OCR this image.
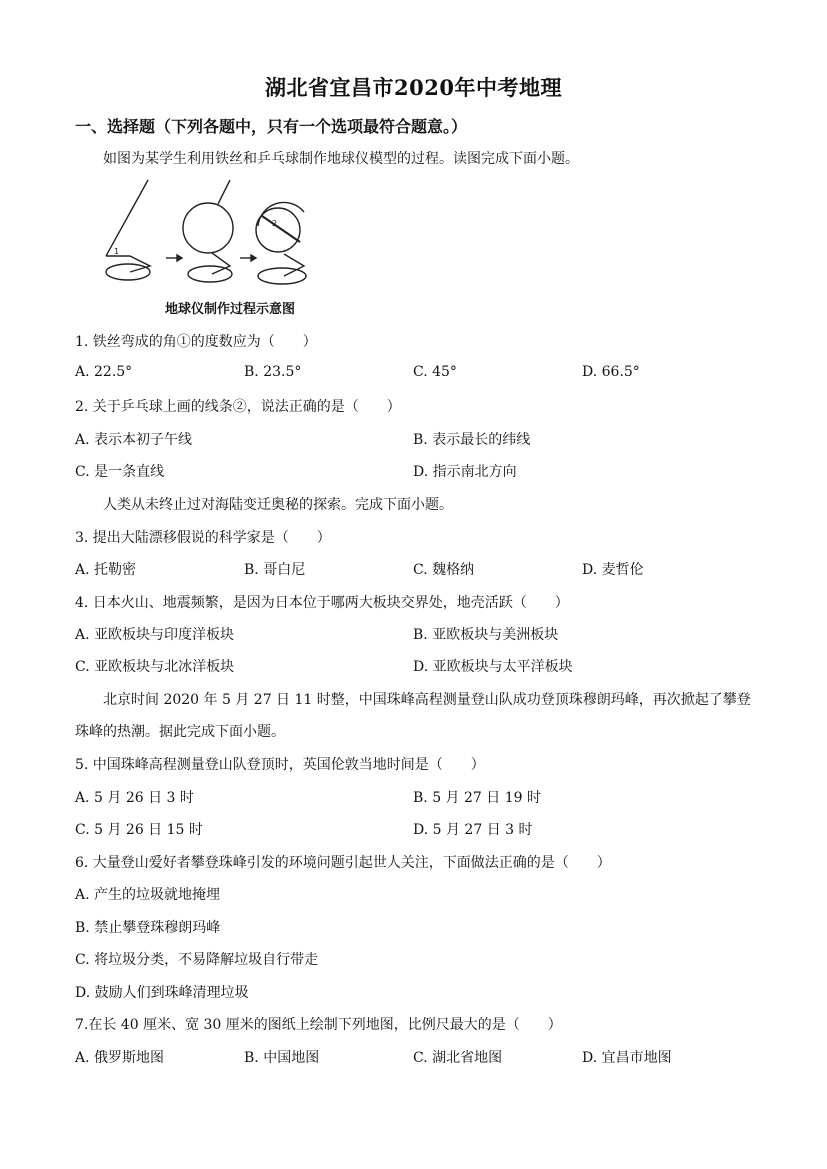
湖北省宜昌市2020年中考地理
一、选择题（下列各题中，只有一个选项最符合题意。）
如图为某学生利用铁丝和乒乓球制作地球仪模型的过程。读图完成下面小题。
1
2
地球仪制作过程示意图
1. 铁丝弯成的角①的度数应为（　　）
A. 22.5°	B. 23.5°	C. 45°	D. 66.5°
2. 关于乒乓球上画的线条②，说法正确的是（　　）
A. 表示本初子午线	B. 表示最长的纬线
C. 是一条直线	D. 指示南北方向
人类从未终止过对海陆变迁奥秘的探索。完成下面小题。
3. 提出大陆漂移假说的科学家是（　　）
A. 托勒密	B. 哥白尼	C. 魏格纳	D. 麦哲伦
4. 日本火山、地震频繁，是因为日本位于哪两大板块交界处，地壳活跃（　　）
A. 亚欧板块与印度洋板块	B. 亚欧板块与美洲板块
C. 亚欧板块与北冰洋板块	D. 亚欧板块与太平洋板块
北京时间 2020 年 5 月 27 日 11 时整，中国珠峰高程测量登山队成功登顶珠穆朗玛峰，再次掀起了攀登
珠峰的热潮。据此完成下面小题。
5. 中国珠峰高程测量登山队登顶时，英国伦敦当地时间是（　　）
A. 5 月 26 日 3 时	B. 5 月 27 日 19 时
C. 5 月 26 日 15 时	D. 5 月 27 日 3 时
6. 大量登山爱好者攀登珠峰引发的环境问题引起世人关注，下面做法正确的是（　　）
A. 产生的垃圾就地掩埋
B. 禁止攀登珠穆朗玛峰
C. 将垃圾分类，不易降解垃圾自行带走
D. 鼓励人们到珠峰清理垃圾
7.在长 40 厘米、宽 30 厘米的图纸上绘制下列地图，比例尺最大的是（　　）
A. 俄罗斯地图	B. 中国地图	C. 湖北省地图	D. 宜昌市地图
